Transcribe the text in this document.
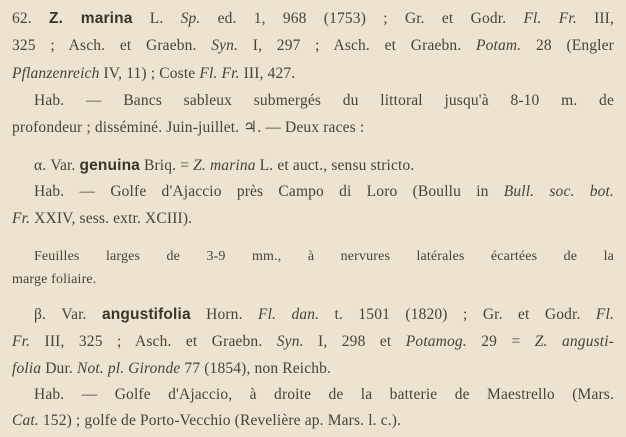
62. Z. marina L. Sp. ed. 1, 968 (1753) ; Gr. et Godr. Fl. Fr. III,
325 ; Asch. et Graebn. Syn. I, 297 ; Asch. et Graebn. Potam. 28 (Engler
Pflanzenreich IV, 11) ; Coste Fl. Fr. III, 427.
Hab. — Bancs sableux submergés du littoral jusqu'à 8-10 m. de
profondeur ; disséminé. Juin-juillet. ♃. — Deux races :
α. Var. genuina Briq. = Z. marina L. et auct., sensu stricto.
Hab. — Golfe d'Ajaccio près Campo di Loro (Boullu in Bull. soc. bot.
Fr. XXIV, sess. extr. XCIII).
Feuilles larges de 3-9 mm., à nervures latérales écartées de la
marge foliaire.
β. Var. angustifolia Horn. Fl. dan. t. 1501 (1820) ; Gr. et Godr. Fl.
Fr. III, 325 ; Asch. et Graebn. Syn. I, 298 et Potamog. 29 = Z. angusti-
folia Dur. Not. pl. Gironde 77 (1854), non Reichb.
Hab. — Golfe d'Ajaccio, à droite de la batterie de Maestrello (Mars.
Cat. 152) ; golfe de Porto-Vecchio (Revelière ap. Mars. l. c.).
